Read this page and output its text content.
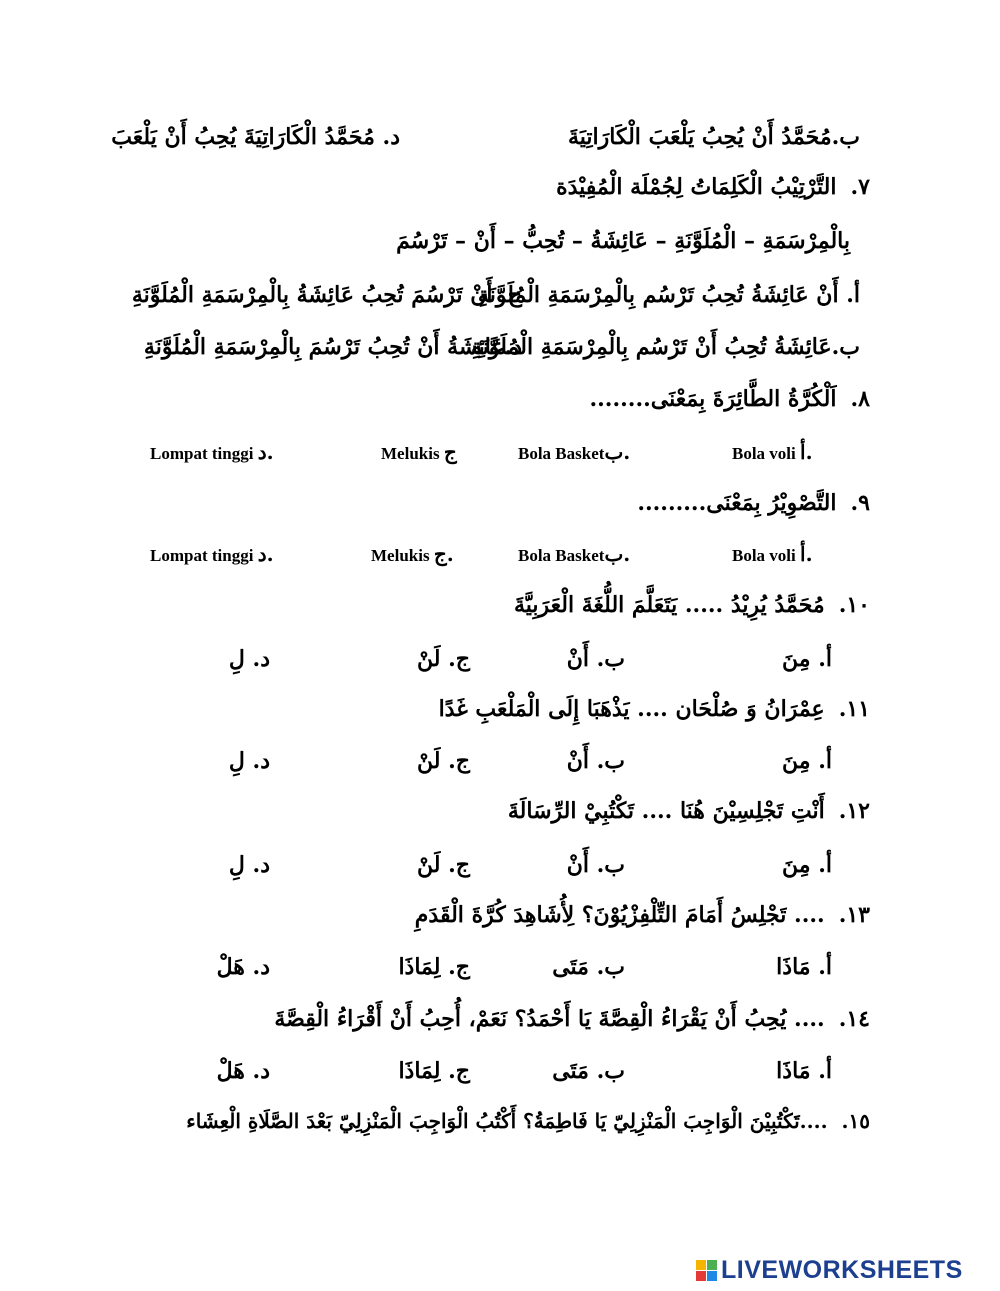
ب.مُحَمَّدُ أَنْ يُحِبُ يَلْعَبَ الْكَارَاتِيَةَ
د. مُحَمَّدُ الْكَارَاتِيَةَ يُحِبُ أَنْ يَلْعَبَ
٧.التَّرْتِيْبُ الْكَلِمَاتُ لِجُمْلَة الْمُفِيْدَة
بِالْمِرْسَمَةِ – الْمُلَوَّنَةِ – عَائِشَةُ – تُحِبُّ – أَنْ – تَرْسُمَ
أ. أَنْ عَائِشَةُ تُحِبُ تَرْسُم بِالْمِرْسَمَةِ الْمُلَوَّنَةِ
ج. أَنْ تَرْسُمَ تُحِبُ عَائِشَةُ بِالْمِرْسَمَةِ الْمُلَوَّنَةِ
ب.عَائِشَةُ تُحِبُ أَنْ تَرْسُم بِالْمِرْسَمَةِ الْمُلَوَّنَةِ
د.عَائِشَةُ أَنْ تُحِبُ تَرْسُمَ بِالْمِرْسَمَةِ الْمُلَوَّنَةِ
٨.اَلْكُرَّةُ الطَّائِرَةَ بِمَعْنَى........
Bola voli أ.
Bola Basketب.
Melukis ج
Lompat tinggi د.
٩.التَّصْوِيْرُ بِمَعْنَى.........
Bola voli أ.
Bola Basketب.
Melukis ج.
Lompat tinggi د.
١٠.مُحَمَّدُ يُرِيْدُ ..... يَتَعَلَّمَ اللُّغَةَ الْعَرَبِيَّةَ
أ. مِنَ
ب. أَنْ
ج. لَنْ
د. لِ
١١.عِمْرَانُ وَ صُلْحَان .... يَذْهَبَا إِلَى الْمَلْعَبِ غَدًا
أ. مِنَ
ب. أَنْ
ج. لَنْ
د. لِ
١٢.أَنْتِ تَجْلِسِيْنَ هُنَا .... تَكْتُبِيْ الرِّسَالَةَ
أ. مِنَ
ب. أَنْ
ج. لَنْ
د. لِ
١٣..... تَجْلِسُ أَمَامَ التِّلْفِزْيُوْنَ؟ لِأُشَاهِدَ كُرَّةَ الْقَدَمِ
أ. مَاذَا
ب. مَتَى
ج. لِمَاذَا
د. هَلْ
١٤..... يُحِبُ أَنْ يَقْرَاءُ الْقِصَّةَ يَا أَحْمَدُ؟ نَعَمْ، أُحِبُ أَنْ أَقْرَاءُ الْقِصَّةَ
أ. مَاذَا
ب. مَتَى
ج. لِمَاذَا
د. هَلْ
١٥.....تَكْتُبِيْنَ الْوَاجِبَ الْمَنْزِلِيّ يَا فَاطِمَةُ؟ أَكْتُبُ الْوَاجِبَ الْمَنْزِلِيّ بَعْدَ الصَّلَاةِ الْعِشَاء
LIVEWORKSHEETS
